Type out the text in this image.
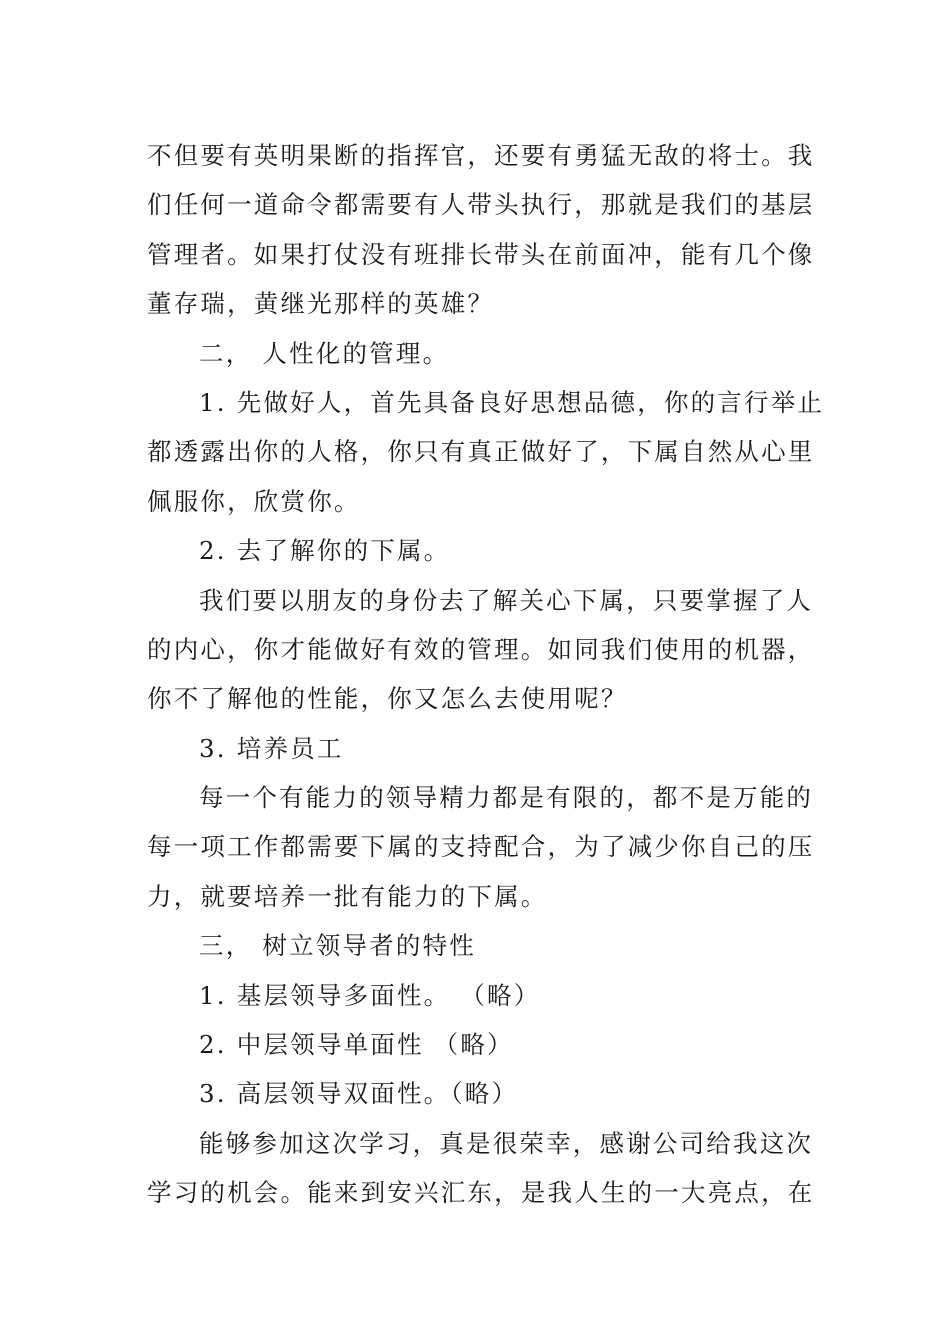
不但要有英明果断的指挥官，还要有勇猛无敌的将士。我
们任何一道命令都需要有人带头执行，那就是我们的基层
管理者。如果打仗没有班排长带头在前面冲，能有几个像
董存瑞，黄继光那样的英雄？
二， 人性化的管理。
1. 先做好人，首先具备良好思想品德，你的言行举止
都透露出你的人格，你只有真正做好了，下属自然从心里
佩服你，欣赏你。
2. 去了解你的下属。
我们要以朋友的身份去了解关心下属，只要掌握了人
的内心，你才能做好有效的管理。如同我们使用的机器，
你不了解他的性能，你又怎么去使用呢？
3. 培养员工
每一个有能力的领导精力都是有限的，都不是万能的
每一项工作都需要下属的支持配合，为了减少你自己的压
力，就要培养一批有能力的下属。
三， 树立领导者的特性
1. 基层领导多面性。 （略）
2. 中层领导单面性 （略）
3. 高层领导双面性。（略）
能够参加这次学习，真是很荣幸，感谢公司给我这次
学习的机会。能来到安兴汇东，是我人生的一大亮点，在
